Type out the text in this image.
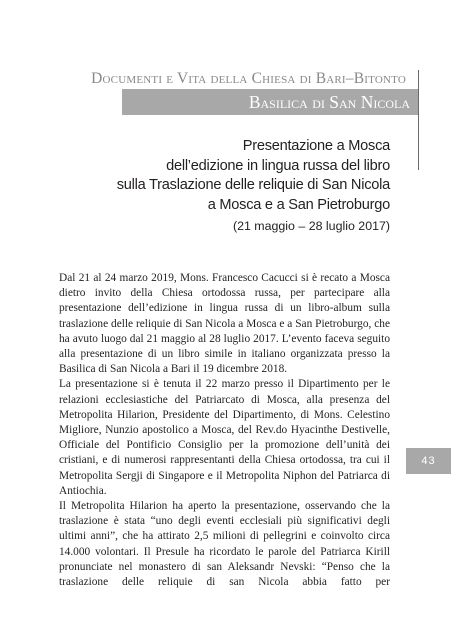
Documenti e Vita della Chiesa di Bari–Bitonto
Basilica di San Nicola
Presentazione a Mosca
dell’edizione in lingua russa del libro
sulla Traslazione delle reliquie di San Nicola
a Mosca e a San Pietroburgo
(21 maggio – 28 luglio 2017)

Dal 21 al 24 marzo 2019, Mons. Francesco Cacucci si è recato a Mosca dietro invito della Chiesa ortodossa russa, per partecipare alla presentazione dell’edizione in lingua russa di un libro-album sulla traslazione delle reliquie di San Nicola a Mosca e a San Pietroburgo, che ha avuto luogo dal 21 maggio al 28 luglio 2017. L’evento faceva seguito alla presentazione di un libro simile in italiano organizzata presso la Basilica di San Nicola a Bari il 19 dicembre 2018.

La presentazione si è tenuta il 22 marzo presso il Dipartimento per le relazioni ecclesiastiche del Patriarcato di Mosca, alla presenza del Metropolita Hilarion, Presidente del Dipartimento, di Mons. Celestino Migliore, Nunzio apostolico a Mosca, del Rev.do Hyacinthe Destivelle, Officiale del Pontificio Consiglio per la promozione dell’unità dei cristiani, e di numerosi rappresentanti della Chiesa ortodossa, tra cui il Metropolita Sergji di Singapore e il Metropolita Niphon del Patriarca di Antiochia.

Il Metropolita Hilarion ha aperto la presentazione, osservando che la traslazione è stata “uno degli eventi ecclesiali più significativi degli ultimi anni”, che ha attirato 2,5 milioni di pellegrini e coinvolto circa 14.000 volontari. Il Presule ha ricordato le parole del Patriarca Kirill pronunciate nel monastero di san Aleksandr Nevski: “Penso che la traslazione delle reliquie di san Nicola abbia fatto per

43
